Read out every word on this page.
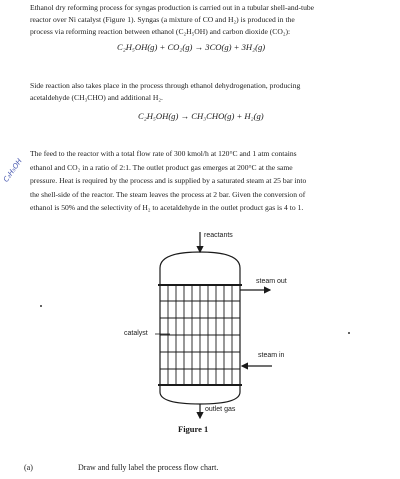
Ethanol dry reforming process for syngas production is carried out in a tubular shell-and-tube
reactor over Ni catalyst (Figure 1). Syngas (a mixture of CO and H₂) is produced in the
process via reforming reaction between ethanol (C₂H₅OH) and carbon dioxide (CO₂):
C₂H₅OH(g) + CO₂(g) → 3CO(g) + 3H₂(g)
Side reaction also takes place in the process through ethanol dehydrogenation, producing
acetaldehyde (CH₃CHO) and additional H₂.
C₂H₅OH(g) → CH₃CHO(g) + H₂(g)
The feed to the reactor with a total flow rate of 300 kmol/h at 120°C and 1 atm contains
ethanol and CO₂ in a ratio of 2:1. The outlet product gas emerges at 200°C at the same
pressure. Heat is required by the process and is supplied by a saturated steam at 25 bar into
the shell-side of the reactor. The steam leaves the process at 2 bar. Given the conversion of
ethanol is 50% and the selectivity of H₂ to acetaldehyde in the outlet product gas is 4 to 1.
C₂H₅OH
reactants
steam out
catalyst
steam in
outlet gas
Figure 1
(a)	Draw and fully label the process flow chart.
